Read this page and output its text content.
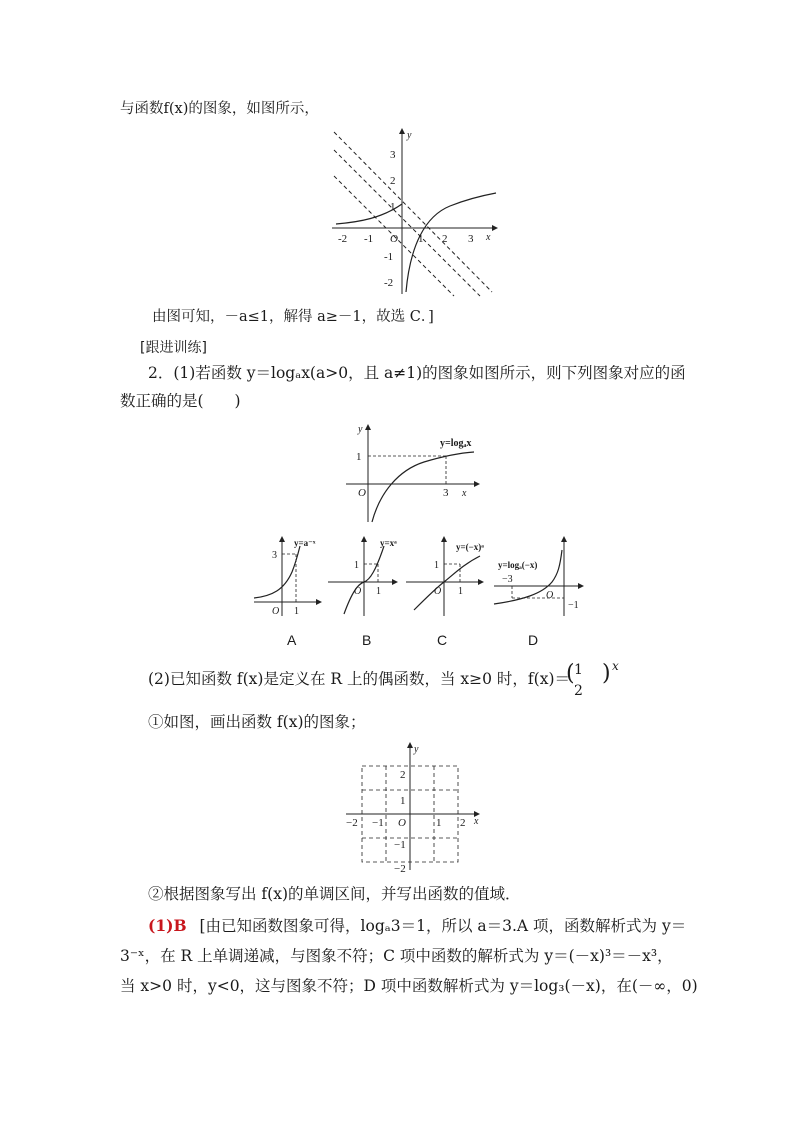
与函数f(x)的图象，如图所示，
-2 -1 O 1 2 3 x
3
2
1
-1
-2
y
由图可知，－a≤1，解得 a≥－1，故选 C．]
[跟进训练]
2．(1)若函数 y＝logₐx(a>0，且 a≠1)的图象如图所示，则下列图象对应的函
数正确的是(　　)
y=logₐx
1
O	3 x
y
y=a⁻ˣ
3
O 1
y=xᵃ
1
O 1
y=(−x)ᵃ
1
O 1
y=logₐ(−x)
−3
O
−1
A	B	C	D
(2)已知函数 f(x)是定义在 R 上的偶函数，当 x≥0 时，f(x)＝
( 1
2
) x
①如图，画出函数 f(x)的图象；
−2 −1 O	1 2 x
2
1
−1
−2
y
②根据图象写出 f(x)的单调区间，并写出函数的值域．
(1)B [由已知函数图象可得，logₐ3＝1，所以 a＝3.A 项，函数解析式为 y＝
3⁻ˣ，在 R 上单调递减，与图象不符；C 项中函数的解析式为 y＝(－x)³＝－x³，
当 x>0 时，y<0，这与图象不符；D 项中函数解析式为 y＝log₃(－x)，在(－∞，0)
